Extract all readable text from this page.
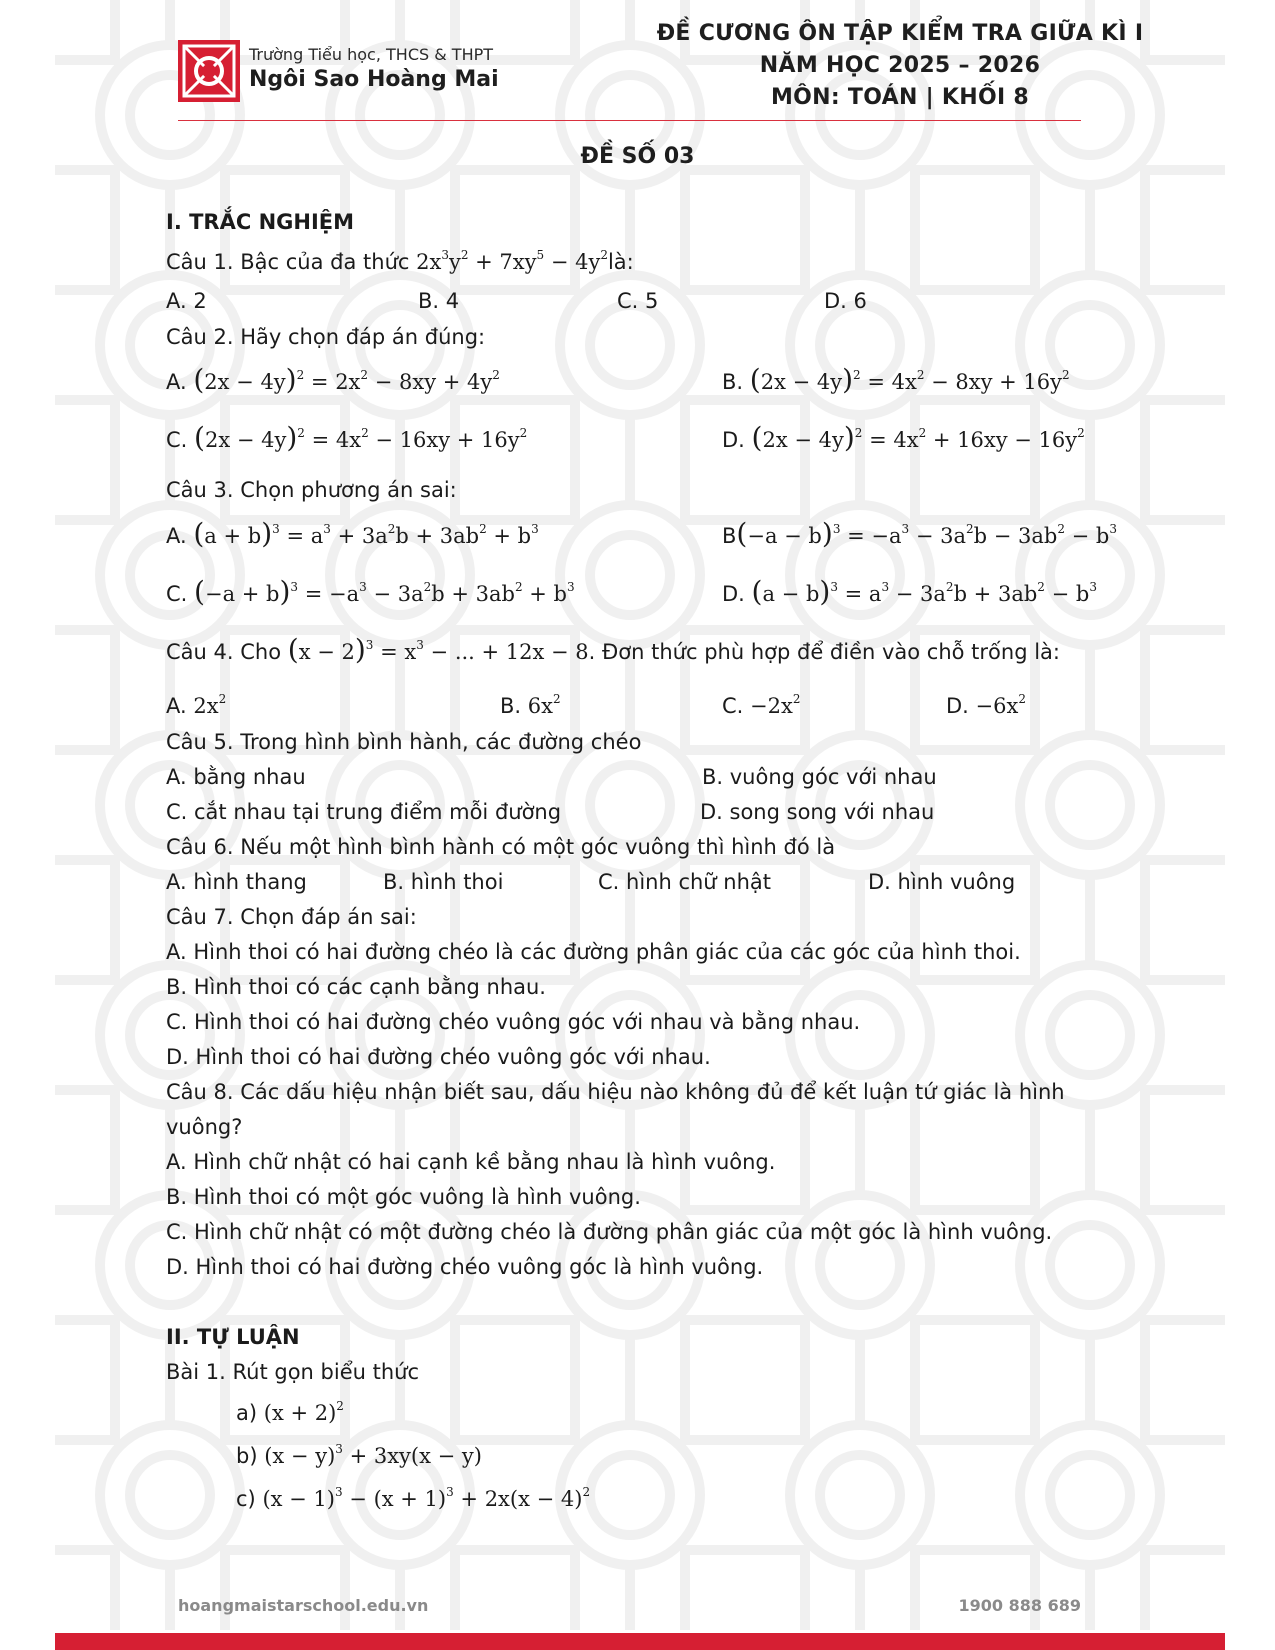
Trường Tiểu học, THCS & THPT
Ngôi Sao Hoàng Mai
ĐỀ CƯƠNG ÔN TẬP KIỂM TRA GIỮA KÌ I
NĂM HỌC 2025 – 2026
MÔN: TOÁN | KHỐI 8
ĐỀ SỐ 03
I. TRẮC NGHIỆM
Câu 1. Bậc của đa thức $2x^3y^2 + 7xy^5$ − $4y^2là$:
A. 2	B. 4	C. 5	D. 6
Câu 2. Hãy chọn đáp án đúng:
A. $(2x - 4y)^2 = 2x^2 - 8xy + 4y^2$	B. $(2x - 4y)^2 = 4x^2 - 8xy + 16y^2$
C. $(2x - 4y)^2 = 4x^2 - 16xy + 16y^2$	D. $(2x - 4y)^2 = 4x^2 + 16xy - 16y^2$
Câu 3. Chọn phương án sai:
A. $(a + b)^3 = a^3 + 3a^2b + 3ab^2 + b^3$	$B(-a - b)^3 = -a^3 - 3a^2b - 3ab^2 - b^3$
C. $(-a + b)^3 = -a^3 - 3a^2b + 3ab^2 + b^3$	D. $(a - b)^3 = a^3 - 3a^2b + 3ab^2 - b^3$
Câu 4. Cho $(x - 2)^3 = x^3$ − ... + 12x − 8. Đơn thức phù hợp để điền vào chỗ trống là:
A. $2x^2$	B. $6x^2$	C. $-2x^2$	D. $-6x^2$
Câu 5. Trong hình bình hành, các đường chéo
A. bằng nhau	B. vuông góc với nhau
C. cắt nhau tại trung điểm mỗi đường	D. song song với nhau
Câu 6. Nếu một hình bình hành có một góc vuông thì hình đó là
A. hình thang	B. hình thoi	C. hình chữ nhật	D. hình vuông
Câu 7. Chọn đáp án sai:
A. Hình thoi có hai đường chéo là các đường phân giác của các góc của hình thoi.
B. Hình thoi có các cạnh bằng nhau.
C. Hình thoi có hai đường chéo vuông góc với nhau và bằng nhau.
D. Hình thoi có hai đường chéo vuông góc với nhau.
Câu 8. Các dấu hiệu nhận biết sau, dấu hiệu nào không đủ để kết luận tứ giác là hình
vuông?
A. Hình chữ nhật có hai cạnh kề bằng nhau là hình vuông.
B. Hình thoi có một góc vuông là hình vuông.
C. Hình chữ nhật có một đường chéo là đường phân giác của một góc là hình vuông.
D. Hình thoi có hai đường chéo vuông góc là hình vuông.
II. TỰ LUẬN
Bài 1. Rút gọn biểu thức
a) $(x + 2)^2$
b) $(x - y)^3 + 3xy(x - y)$
c) $(x - 1)^3 - (x + 1)^3 + 2x(x - 4)^2$
hoangmaistarschool.edu.vn	1900 888 689
